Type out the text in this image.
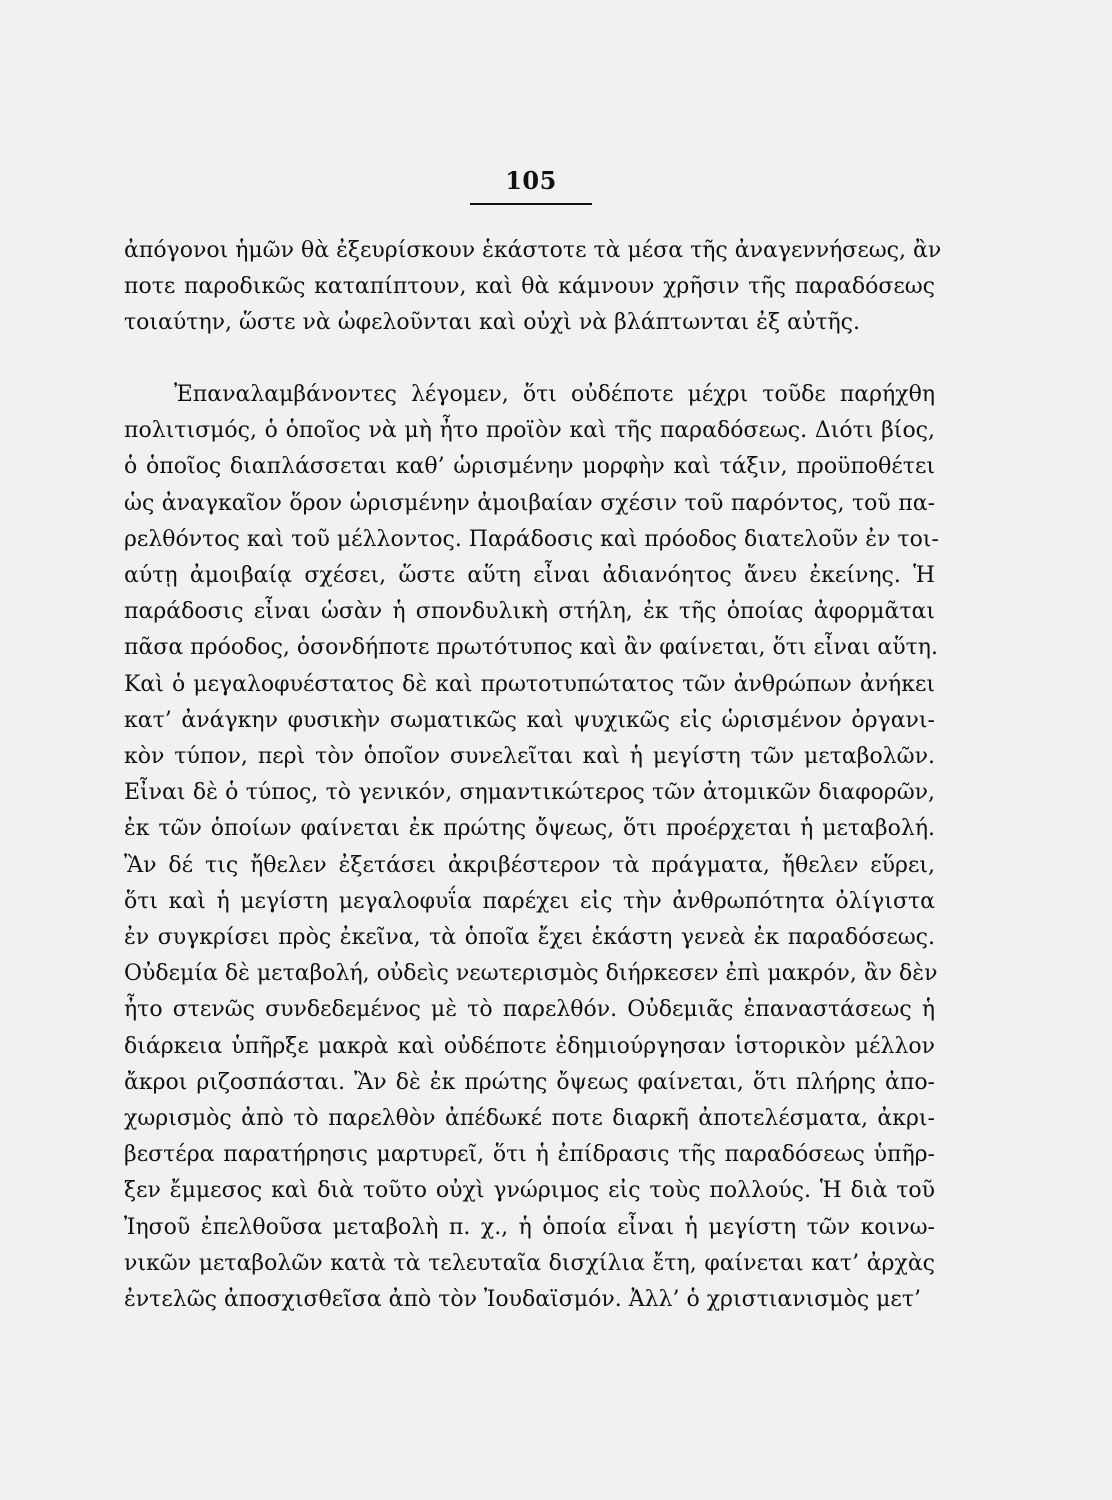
105
ἀπόγονοι ἡμῶν θὰ ἐξευρίσκουν ἑκάστοτε τὰ μέσα τῆς ἀναγεννήσεως, ἂν
ποτε παροδικῶς καταπίπτουν, καὶ θὰ κάμνουν χρῆσιν τῆς παραδόσεως
τοιαύτην, ὥστε νὰ ὠφελοῦνται καὶ οὐχὶ νὰ βλάπτωνται ἐξ αὐτῆς.
Ἐπαναλαμβάνοντες λέγομεν, ὅτι οὐδέποτε μέχρι τοῦδε παρήχθη
πολιτισμός, ὁ ὁποῖος νὰ μὴ ἦτο προϊὸν καὶ τῆς παραδόσεως. Διότι βίος,
ὁ ὁποῖος διαπλάσσεται καθ’ ὡρισμένην μορφὴν καὶ τάξιν, προϋποθέτει
ὡς ἀναγκαῖον ὅρον ὡρισμένην ἀμοιβαίαν σχέσιν τοῦ παρόντος, τοῦ πα-
ρελθόντος καὶ τοῦ μέλλοντος. Παράδοσις καὶ πρόοδος διατελοῦν ἐν τοι-
αύτῃ ἀμοιβαίᾳ σχέσει, ὥστε αὕτη εἶναι ἀδιανόητος ἄνευ ἐκείνης. Ἡ
παράδοσις εἶναι ὡσὰν ἡ σπονδυλικὴ στήλη, ἐκ τῆς ὁποίας ἀφορμᾶται
πᾶσα πρόοδος, ὁσονδήποτε πρωτότυπος καὶ ἂν φαίνεται, ὅτι εἶναι αὕτη.
Καὶ ὁ μεγαλοφυέστατος δὲ καὶ πρωτοτυπώτατος τῶν ἀνθρώπων ἀνήκει
κατ’ ἀνάγκην φυσικὴν σωματικῶς καὶ ψυχικῶς εἰς ὡρισμένον ὀργανι-
κὸν τύπον, περὶ τὸν ὁποῖον συνελεῖται καὶ ἡ μεγίστη τῶν μεταβολῶν.
Εἶναι δὲ ὁ τύπος, τὸ γενικόν, σημαντικώτερος τῶν ἀτομικῶν διαφορῶν,
ἐκ τῶν ὁποίων φαίνεται ἐκ πρώτης ὄψεως, ὅτι προέρχεται ἡ μεταβολή.
Ἂν δέ τις ἤθελεν ἐξετάσει ἀκριβέστερον τὰ πράγματα, ἤθελεν εὕρει,
ὅτι καὶ ἡ μεγίστη μεγαλοφυΐα παρέχει εἰς τὴν ἀνθρωπότητα ὀλίγιστα
ἐν συγκρίσει πρὸς ἐκεῖνα, τὰ ὁποῖα ἔχει ἑκάστη γενεὰ ἐκ παραδόσεως.
Οὐδεμία δὲ μεταβολή, οὐδεὶς νεωτερισμὸς διήρκεσεν ἐπὶ μακρόν, ἂν δὲν
ἦτο στενῶς συνδεδεμένος μὲ τὸ παρελθόν. Οὐδεμιᾶς ἐπαναστάσεως ἡ
διάρκεια ὑπῆρξε μακρὰ καὶ οὐδέποτε ἐδημιούργησαν ἱστορικὸν μέλλον
ἄκροι ριζοσπάσται. Ἂν δὲ ἐκ πρώτης ὄψεως φαίνεται, ὅτι πλήρης ἀπο-
χωρισμὸς ἀπὸ τὸ παρελθὸν ἀπέδωκέ ποτε διαρκῆ ἀποτελέσματα, ἀκρι-
βεστέρα παρατήρησις μαρτυρεῖ, ὅτι ἡ ἐπίδρασις τῆς παραδόσεως ὑπῆρ-
ξεν ἔμμεσος καὶ διὰ τοῦτο οὐχὶ γνώριμος εἰς τοὺς πολλούς. Ἡ διὰ τοῦ
Ἰησοῦ ἐπελθοῦσα μεταβολὴ π. χ., ἡ ὁποία εἶναι ἡ μεγίστη τῶν κοινω-
νικῶν μεταβολῶν κατὰ τὰ τελευταῖα δισχίλια ἔτη, φαίνεται κατ’ ἀρχὰς
ἐντελῶς ἀποσχισθεῖσα ἀπὸ τὸν Ἰουδαϊσμόν. Ἀλλ’ ὁ χριστιανισμὸς μετ’
